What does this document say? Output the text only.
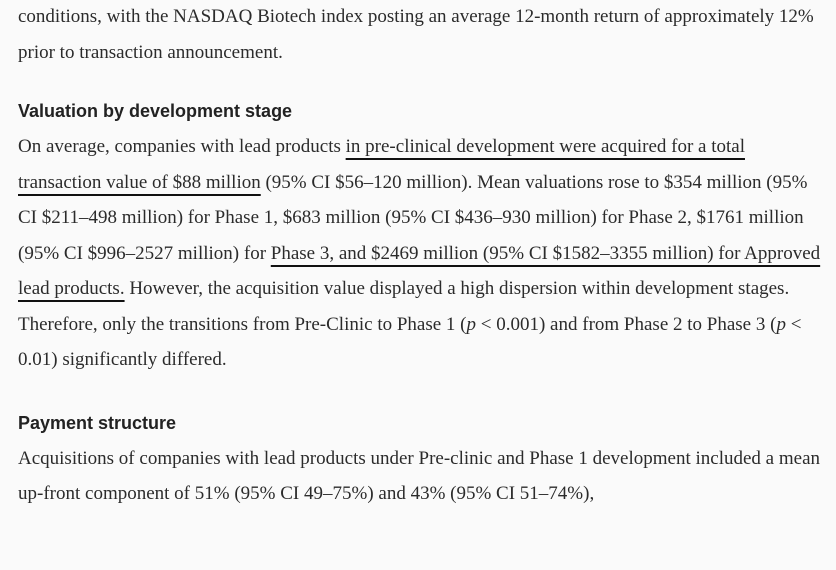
conditions, with the NASDAQ Biotech index posting an average 12-month return of approximately 12% prior to transaction announcement.

Valuation by development stage

On average, companies with lead products in pre-clinical development were acquired for a total transaction value of $88 million (95% CI $56–120 million). Mean valuations rose to $354 million (95% CI $211–498 million) for Phase 1, $683 million (95% CI $436–930 million) for Phase 2, $1761 million (95% CI $996–2527 million) for Phase 3, and $2469 million (95% CI $1582–3355 million) for Approved lead products. However, the acquisition value displayed a high dispersion within development stages. Therefore, only the transitions from Pre-Clinic to Phase 1 (p < 0.001) and from Phase 2 to Phase 3 (p < 0.01) significantly differed.

Payment structure

Acquisitions of companies with lead products under Pre-clinic and Phase 1 development included a mean up-front component of 51% (95% CI 49–75%) and 43% (95% CI 51–74%),
